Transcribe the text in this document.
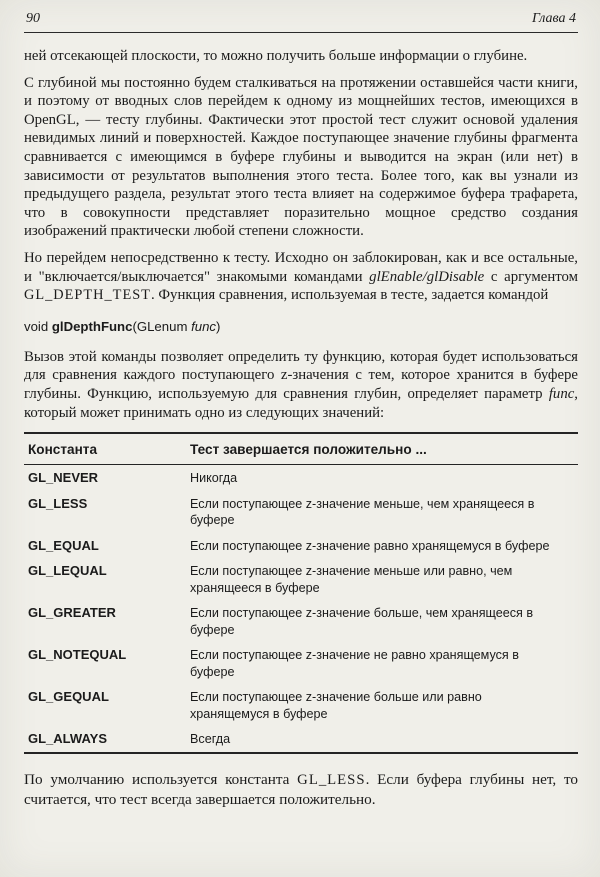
90	Глава 4

ней отсекающей плоскости, то можно получить больше информации о глубине.

С глубиной мы постоянно будем сталкиваться на протяжении оставшейся части книги, и поэтому от вводных слов перейдем к одному из мощнейших тестов, имеющихся в OpenGL, — тесту глубины. Фактически этот простой тест служит основой удаления невидимых линий и поверхностей. Каждое поступающее значение глубины фрагмента сравнивается с имеющимся в буфере глубины и выводится на экран (или нет) в зависимости от результатов выполнения этого теста. Более того, как вы узнали из предыдущего раздела, результат этого теста влияет на содержимое буфера трафарета, что в совокупности представляет поразительно мощное средство создания изображений практически любой степени сложности.

Но перейдем непосредственно к тесту. Исходно он заблокирован, как и все остальные, и "включается/выключается" знакомыми командами glEnable/glDisable с аргументом GL_DEPTH_TEST. Функция сравнения, используемая в тесте, задается командой

void glDepthFunc(GLenum func)

Вызов этой команды позволяет определить ту функцию, которая будет использоваться для сравнения каждого поступающего z-значения с тем, которое хранится в буфере глубины. Функцию, используемую для сравнения глубин, определяет параметр func, который может принимать одно из следующих значений:

Константа	Тест завершается положительно ...
GL_NEVER	Никогда
GL_LESS	Если поступающее z-значение меньше, чем хранящееся в буфере
GL_EQUAL	Если поступающее z-значение равно хранящемуся в буфере
GL_LEQUAL	Если поступающее z-значение меньше или равно, чем хранящееся в буфере
GL_GREATER	Если поступающее z-значение больше, чем хранящееся в буфере
GL_NOTEQUAL	Если поступающее z-значение не равно хранящемуся в буфере
GL_GEQUAL	Если поступающее z-значение больше или равно хранящемуся в буфере
GL_ALWAYS	Всегда

По умолчанию используется константа GL_LESS. Если буфера глубины нет, то считается, что тест всегда завершается положительно.
